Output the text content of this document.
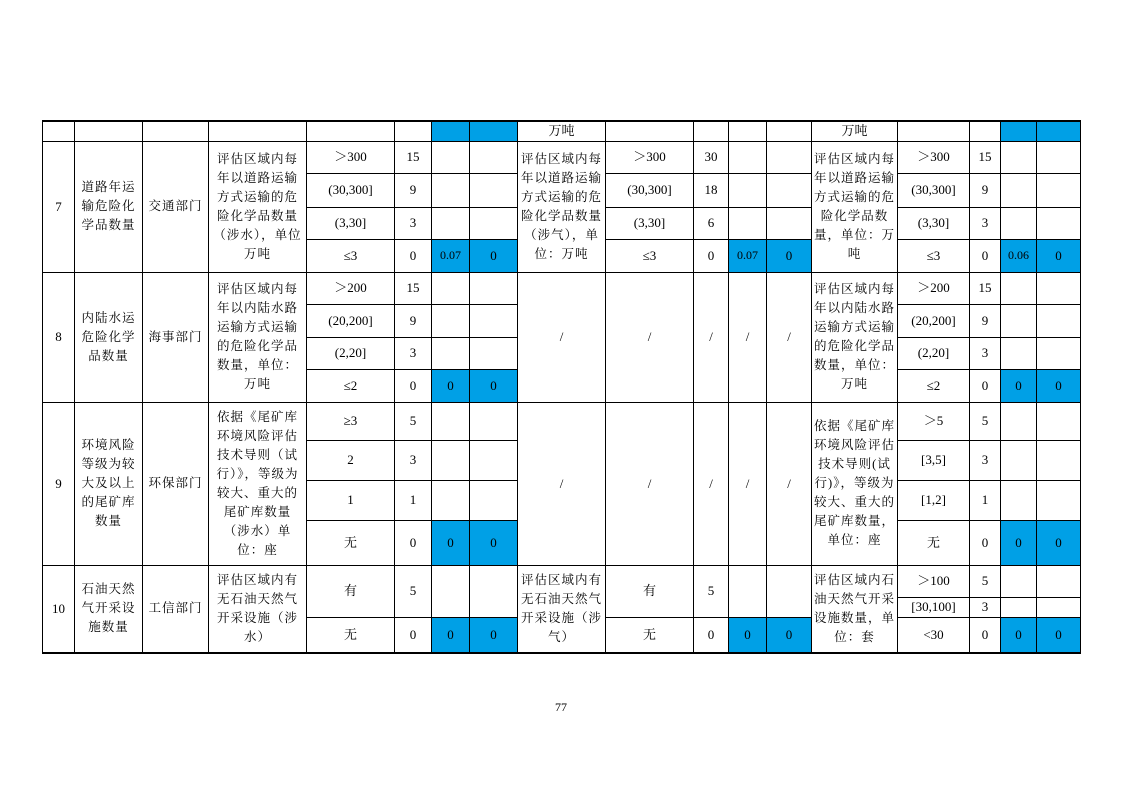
								万吨					万吨				
7	道路年运输危险化学品数量	交通部门	评估区域内每年以道路运输方式运输的危险化学品数量（涉水），单位万吨	＞300	15			评估区域内每年以道路运输方式运输的危险化学品数量（涉气），单位：万吨	＞300	30			评估区域内每年以道路运输方式运输的危险化学品数量，单位：万吨	＞300	15		
				(30,300]	9				(30,300]	18				(30,300]	9		
				(3,30]	3				(3,30]	6				(3,30]	3		
				≤3	0	0.07	0		≤3	0	0.07	0		≤3	0	0.06	0
8	内陆水运危险化学品数量	海事部门	评估区域内每年以内陆水路运输方式运输的危险化学品数量，单位：万吨	＞200	15			/	/	/	/	/	评估区域内每年以内陆水路运输方式运输的危险化学品数量，单位：万吨	＞200	15		
				(20,200]	9									(20,200]	9		
				(2,20]	3									(2,20]	3		
				≤2	0	0	0							≤2	0	0	0
9	环境风险等级为较大及以上的尾矿库数量	环保部门	依据《尾矿库环境风险评估技术导则（试行）》，等级为较大、重大的尾矿库数量（涉水）单位：座	≥3	5			/	/	/	/	/	依据《尾矿库环境风险评估技术导则(试行)》，等级为较大、重大的尾矿库数量，单位：座	＞5	5		
				2	3									[3,5]	3		
				1	1									[1,2]	1		
				无	0	0	0							无	0	0	0
10	石油天然气开采设施数量	工信部门	评估区域内有无石油天然气开采设施（涉水）	有	5			评估区域内有无石油天然气开采设施（涉气）	有	5			评估区域内石油天然气开采设施数量，单位：套	＞100	5		
														[30,100]	3		
				无	0	0	0		无	0	0	0		<30	0	0	0
77
